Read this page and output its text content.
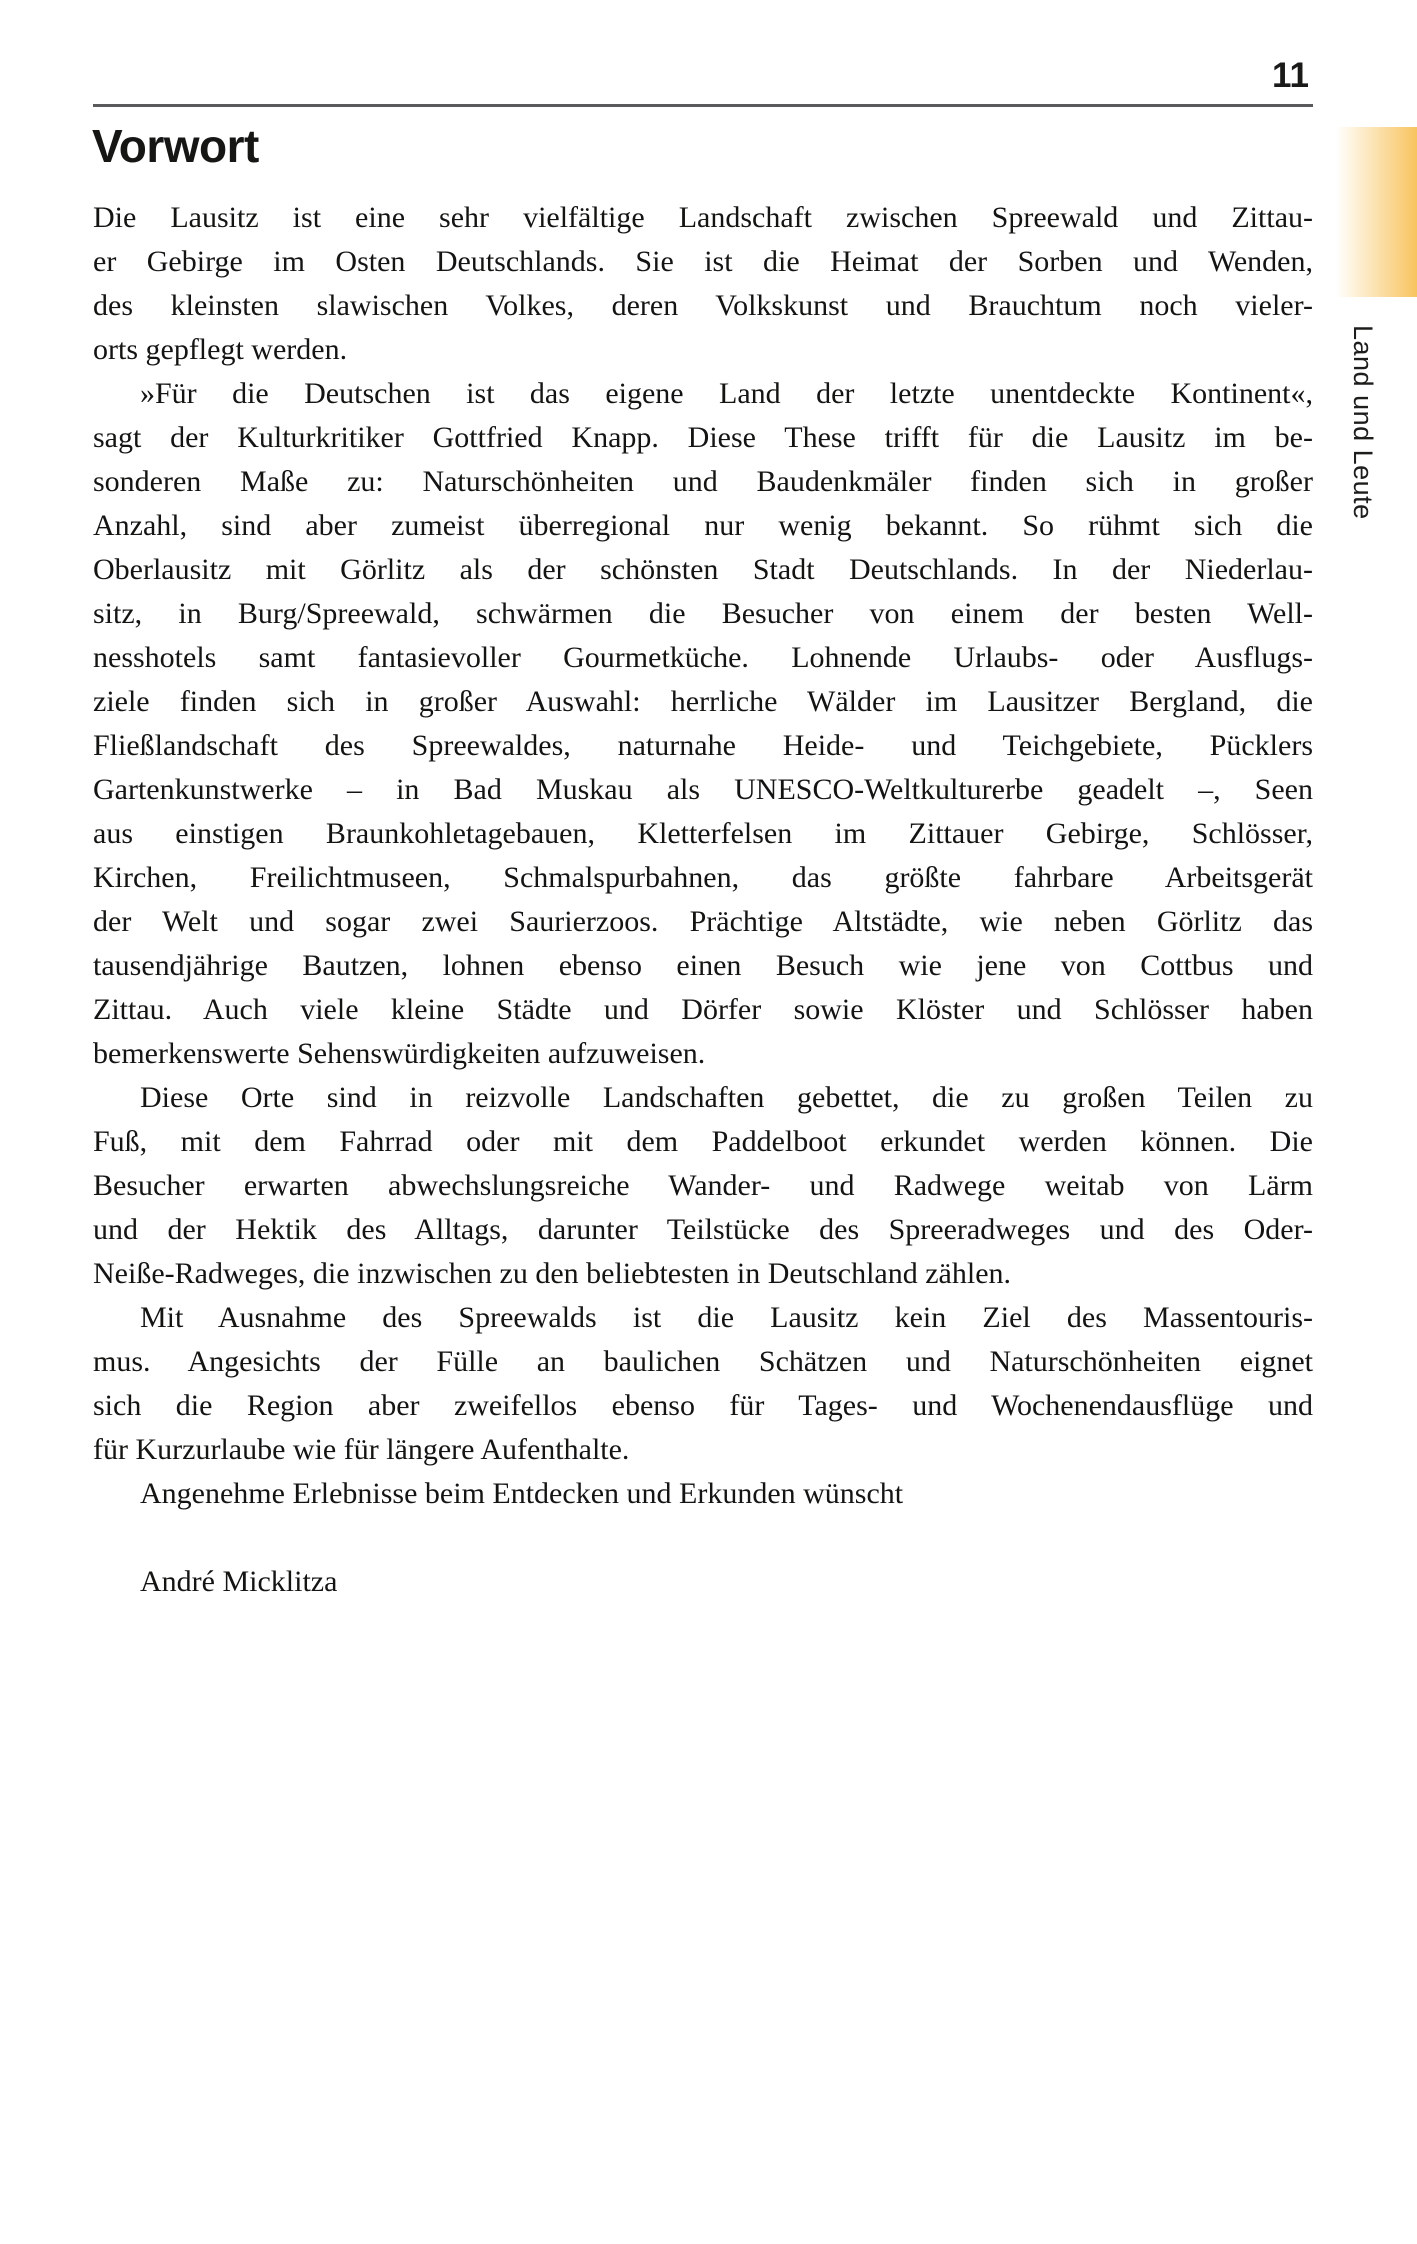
11
Vorwort
Land und Leute
Die Lausitz ist eine sehr vielfältige Landschaft zwischen Spreewald und Zittau-
er Gebirge im Osten Deutschlands. Sie ist die Heimat der Sorben und Wenden,
des kleinsten slawischen Volkes, deren Volkskunst und Brauchtum noch vieler-
orts gepflegt werden.
»Für die Deutschen ist das eigene Land der letzte unentdeckte Kontinent«,
sagt der Kulturkritiker Gottfried Knapp. Diese These trifft für die Lausitz im be-
sonderen Maße zu: Naturschönheiten und Baudenkmäler finden sich in großer
Anzahl, sind aber zumeist überregional nur wenig bekannt. So rühmt sich die
Oberlausitz mit Görlitz als der schönsten Stadt Deutschlands. In der Niederlau-
sitz, in Burg/Spreewald, schwärmen die Besucher von einem der besten Well-
nesshotels samt fantasievoller Gourmetküche. Lohnende Urlaubs- oder Ausflugs-
ziele finden sich in großer Auswahl: herrliche Wälder im Lausitzer Bergland, die
Fließlandschaft des Spreewaldes, naturnahe Heide- und Teichgebiete, Pücklers
Gartenkunstwerke – in Bad Muskau als UNESCO-Weltkulturerbe geadelt –, Seen
aus einstigen Braunkohletagebauen, Kletterfelsen im Zittauer Gebirge, Schlösser,
Kirchen, Freilichtmuseen, Schmalspurbahnen, das größte fahrbare Arbeitsgerät
der Welt und sogar zwei Saurierzoos. Prächtige Altstädte, wie neben Görlitz das
tausendjährige Bautzen, lohnen ebenso einen Besuch wie jene von Cottbus und
Zittau. Auch viele kleine Städte und Dörfer sowie Klöster und Schlösser haben
bemerkenswerte Sehenswürdigkeiten aufzuweisen.
Diese Orte sind in reizvolle Landschaften gebettet, die zu großen Teilen zu
Fuß, mit dem Fahrrad oder mit dem Paddelboot erkundet werden können. Die
Besucher erwarten abwechslungsreiche Wander- und Radwege weitab von Lärm
und der Hektik des Alltags, darunter Teilstücke des Spreeradweges und des Oder-
Neiße-Radweges, die inzwischen zu den beliebtesten in Deutschland zählen.
Mit Ausnahme des Spreewalds ist die Lausitz kein Ziel des Massentouris-
mus. Angesichts der Fülle an baulichen Schätzen und Naturschönheiten eignet
sich die Region aber zweifellos ebenso für Tages- und Wochenendausflüge und
für Kurzurlaube wie für längere Aufenthalte.
Angenehme Erlebnisse beim Entdecken und Erkunden wünscht
André Micklitza
